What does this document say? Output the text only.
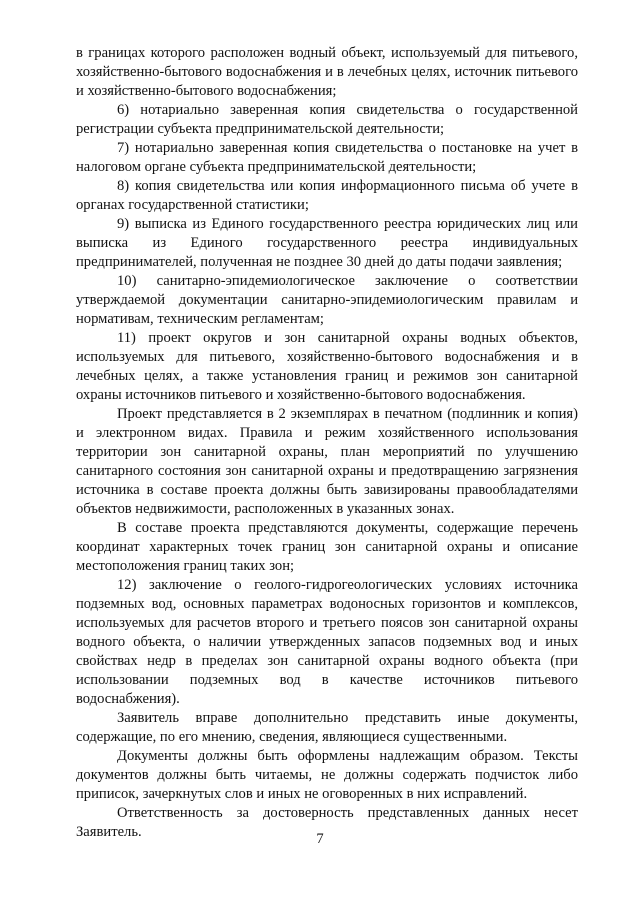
в границах которого расположен водный объект, используемый для питьевого, хозяйственно-бытового водоснабжения и в лечебных целях, источник питьевого и хозяйственно-бытового водоснабжения;

6) нотариально заверенная копия свидетельства о государственной регистрации субъекта предпринимательской деятельности;

7) нотариально заверенная копия свидетельства о постановке на учет в налоговом органе субъекта предпринимательской деятельности;

8) копия свидетельства или копия информационного письма об учете в органах государственной статистики;

9) выписка из Единого государственного реестра юридических лиц или выписка из Единого государственного реестра индивидуальных предпринимателей, полученная не позднее 30 дней до даты подачи заявления;

10) санитарно-эпидемиологическое заключение о соответствии утверждаемой документации санитарно-эпидемиологическим правилам и нормативам, техническим регламентам;

11) проект округов и зон санитарной охраны водных объектов, используемых для питьевого, хозяйственно-бытового водоснабжения и в лечебных целях, а также установления границ и режимов зон санитарной охраны источников питьевого и хозяйственно-бытового водоснабжения.

Проект представляется в 2 экземплярах в печатном (подлинник и копия) и электронном видах. Правила и режим хозяйственного использования территории зон санитарной охраны, план мероприятий по улучшению санитарного состояния зон санитарной охраны и предотвращению загрязнения источника в составе проекта должны быть завизированы правообладателями объектов недвижимости, расположенных в указанных зонах.

В составе проекта представляются документы, содержащие перечень координат характерных точек границ зон санитарной охраны и описание местоположения границ таких зон;

12) заключение о геолого-гидрогеологических условиях источника подземных вод, основных параметрах водоносных горизонтов и комплексов, используемых для расчетов второго и третьего поясов зон санитарной охраны водного объекта, о наличии утвержденных запасов подземных вод и иных свойствах недр в пределах зон санитарной охраны водного объекта (при использовании подземных вод в качестве источников питьевого водоснабжения).

Заявитель вправе дополнительно представить иные документы, содержащие, по его мнению, сведения, являющиеся существенными.

Документы должны быть оформлены надлежащим образом. Тексты документов должны быть читаемы, не должны содержать подчисток либо приписок, зачеркнутых слов и иных не оговоренных в них исправлений.

Ответственность за достоверность представленных данных несет Заявитель.	7
